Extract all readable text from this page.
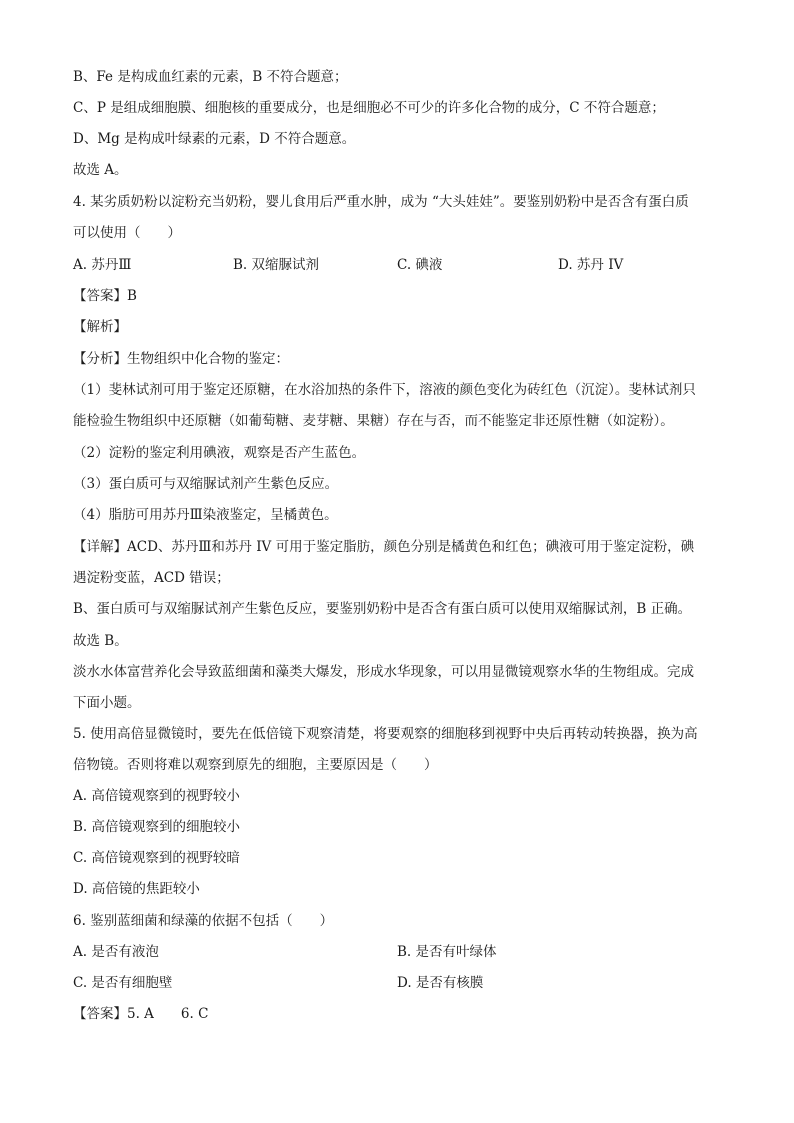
B、Fe 是构成血红素的元素，B 不符合题意；
C、P 是组成细胞膜、细胞核的重要成分，也是细胞必不可少的许多化合物的成分，C 不符合题意；
D、Mg 是构成叶绿素的元素，D 不符合题意。
故选 A。
4. 某劣质奶粉以淀粉充当奶粉，婴儿食用后严重水肿，成为 “大头娃娃”。要鉴别奶粉中是否含有蛋白质
可以使用（　　）
A. 苏丹Ⅲ	B. 双缩脲试剂	C. 碘液	D. 苏丹 IV
【答案】B
【解析】
【分析】生物组织中化合物的鉴定：
（1）斐林试剂可用于鉴定还原糖，在水浴加热的条件下，溶液的颜色变化为砖红色（沉淀）。斐林试剂只
能检验生物组织中还原糖（如葡萄糖、麦芽糖、果糖）存在与否，而不能鉴定非还原性糖（如淀粉）。
（2）淀粉的鉴定利用碘液，观察是否产生蓝色。
（3）蛋白质可与双缩脲试剂产生紫色反应。
（4）脂肪可用苏丹Ⅲ染液鉴定，呈橘黄色。
【详解】ACD、苏丹Ⅲ和苏丹 IV 可用于鉴定脂肪，颜色分别是橘黄色和红色；碘液可用于鉴定淀粉，碘
遇淀粉变蓝，ACD 错误；
B、蛋白质可与双缩脲试剂产生紫色反应，要鉴别奶粉中是否含有蛋白质可以使用双缩脲试剂，B 正确。
故选 B。
淡水水体富营养化会导致蓝细菌和藻类大爆发，形成水华现象，可以用显微镜观察水华的生物组成。完成
下面小题。
5. 使用高倍显微镜时，要先在低倍镜下观察清楚，将要观察的细胞移到视野中央后再转动转换器，换为高
倍物镜。否则将难以观察到原先的细胞，主要原因是（　　）
A. 高倍镜观察到的视野较小
B. 高倍镜观察到的细胞较小
C. 高倍镜观察到的视野较暗
D. 高倍镜的焦距较小
6. 鉴别蓝细菌和绿藻的依据不包括（　　）
A. 是否有液泡	B. 是否有叶绿体
C. 是否有细胞壁	D. 是否有核膜
【答案】5. A　　6. C
